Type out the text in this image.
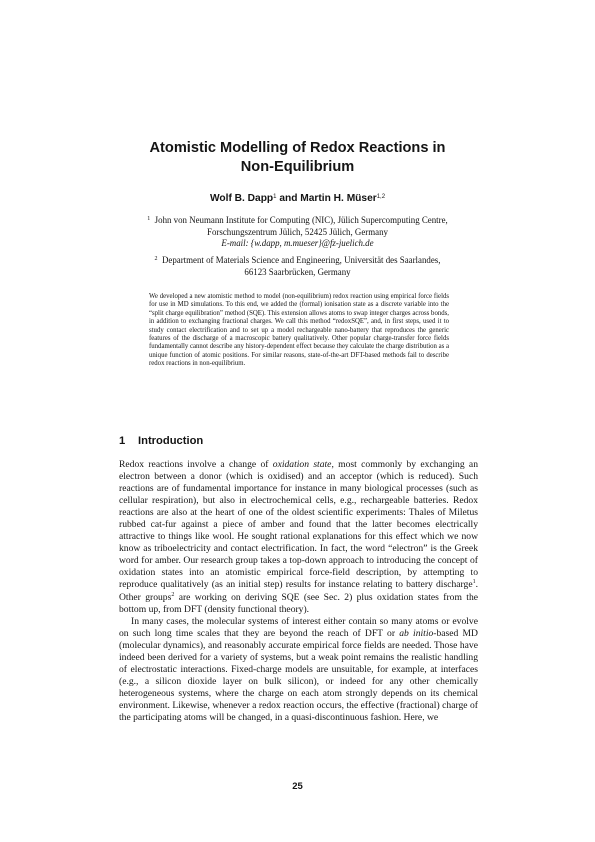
Atomistic Modelling of Redox Reactions in
Non-Equilibrium
Wolf B. Dapp$^1$ and Martin H. Müser$^{1,2}$
$^1$ John von Neumann Institute for Computing (NIC), Jülich Supercomputing Centre,
Forschungszentrum Jülich, 52425 Jülich, Germany
E-mail: {w.dapp, m.mueser}@fz-juelich.de
$^2$ Department of Materials Science and Engineering, Universität des Saarlandes,
66123 Saarbrücken, Germany

We developed a new atomistic method to model (non-equilibrium) redox reaction using empirical force fields for use in MD simulations. To this end, we added the (formal) ionisation state as a discrete variable into the “split charge equilibration” method (SQE). This extension allows atoms to swap integer charges across bonds, in addition to exchanging fractional charges. We call this method “redoxSQE”, and, in first steps, used it to study contact electrification and to set up a model rechargeable nano-battery that reproduces the generic features of the discharge of a macroscopic battery qualitatively. Other popular charge-transfer force fields fundamentally cannot describe any history-dependent effect because they calculate the charge distribution as a unique function of atomic positions. For similar reasons, state-of-the-art DFT-based methods fail to describe redox reactions in non-equilibrium.

1 Introduction

Redox reactions involve a change of oxidation state, most commonly by exchanging an electron between a donor (which is oxidised) and an acceptor (which is reduced). Such reactions are of fundamental importance for instance in many biological processes (such as cellular respiration), but also in electrochemical cells, e.g., rechargeable batteries. Redox reactions are also at the heart of one of the oldest scientific experiments: Thales of Miletus rubbed cat-fur against a piece of amber and found that the latter becomes electrically attractive to things like wool. He sought rational explanations for this effect which we now know as triboelectricity and contact electrification. In fact, the word “electron” is the Greek word for amber. Our research group takes a top-down approach to introducing the concept of oxidation states into an atomistic empirical force-field description, by attempting to reproduce qualitatively (as an initial step) results for instance relating to battery discharge$^1$. Other groups$^2$ are working on deriving SQE (see Sec. 2) plus oxidation states from the bottom up, from DFT (density functional theory).

In many cases, the molecular systems of interest either contain so many atoms or evolve on such long time scales that they are beyond the reach of DFT or ab initio-based MD (molecular dynamics), and reasonably accurate empirical force fields are needed. Those have indeed been derived for a variety of systems, but a weak point remains the realistic handling of electrostatic interactions. Fixed-charge models are unsuitable, for example, at interfaces (e.g., a silicon dioxide layer on bulk silicon), or indeed for any other chemically heterogeneous systems, where the charge on each atom strongly depends on its chemical environment. Likewise, whenever a redox reaction occurs, the effective (fractional) charge of the participating atoms will be changed, in a quasi-discontinuous fashion. Here, we

25
